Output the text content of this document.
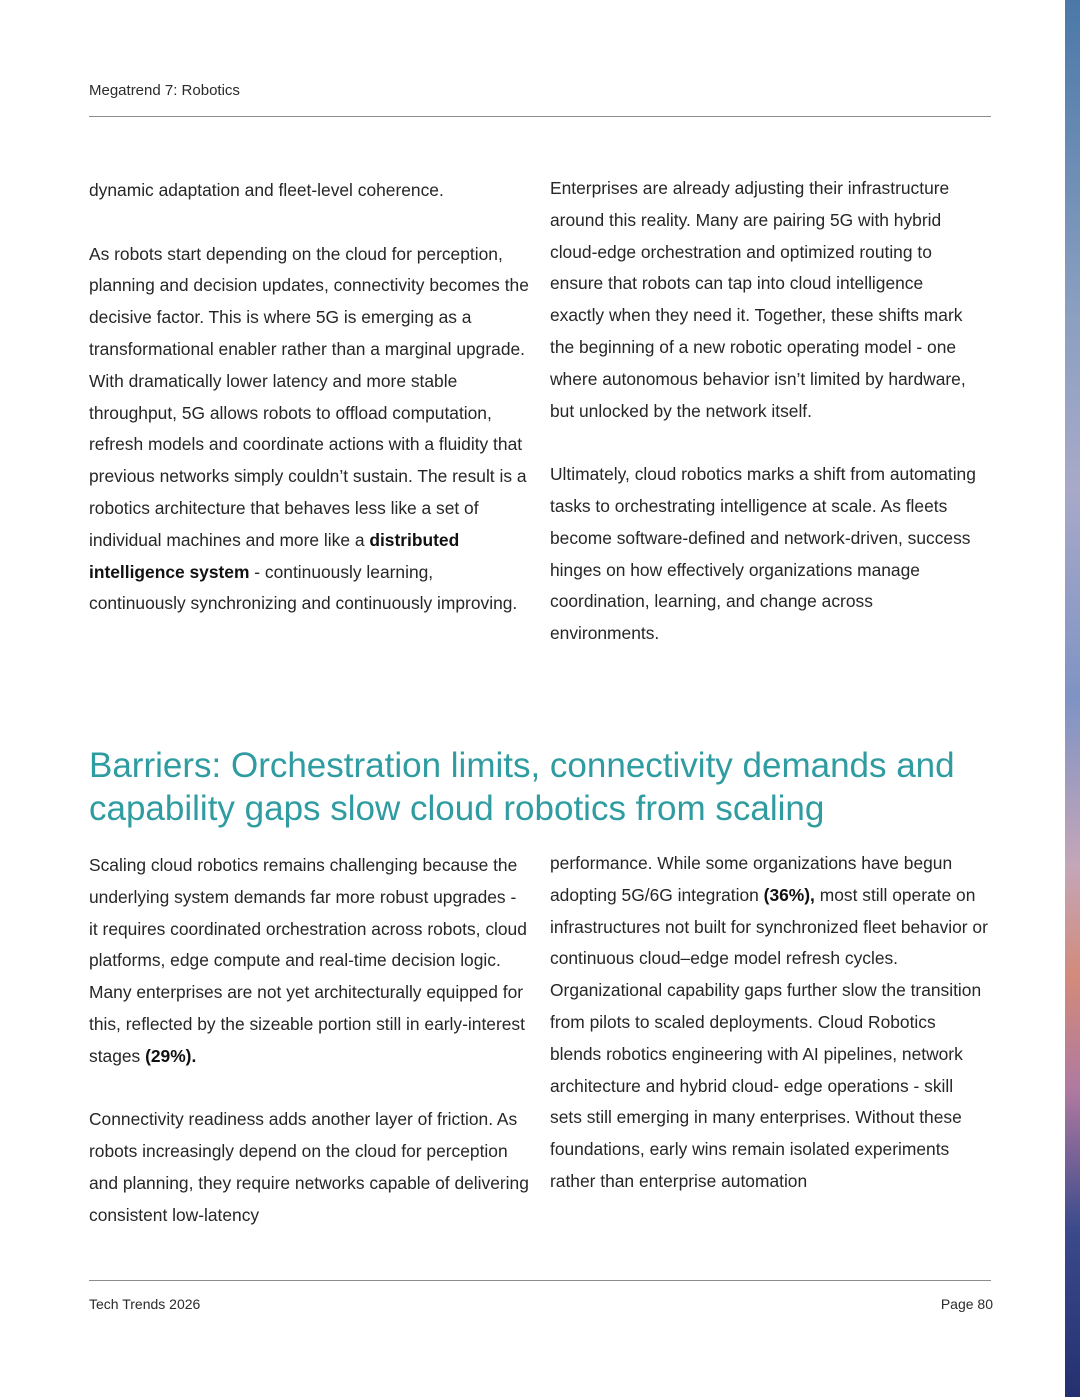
Megatrend 7: Robotics

dynamic adaptation and fleet-level coherence.

As robots start depending on the cloud for perception, planning and decision updates, connectivity becomes the decisive factor. This is where 5G is emerging as a transformational enabler rather than a marginal upgrade. With dramatically lower latency and more stable throughput, 5G allows robots to offload computation, refresh models and coordinate actions with a fluidity that previous networks simply couldn’t sustain. The result is a robotics architecture that behaves less like a set of individual machines and more like a distributed intelligence system - continuously learning, continuously synchronizing and continuously improving.

Enterprises are already adjusting their infrastructure around this reality. Many are pairing 5G with hybrid cloud-edge orchestration and optimized routing to ensure that robots can tap into cloud intelligence exactly when they need it. Together, these shifts mark the beginning of a new robotic operating model - one where autonomous behavior isn’t limited by hardware, but unlocked by the network itself.

Ultimately, cloud robotics marks a shift from automating tasks to orchestrating intelligence at scale. As fleets become software-defined and network-driven, success hinges on how effectively organizations manage coordination, learning, and change across environments.

Barriers: Orchestration limits, connectivity demands and capability gaps slow cloud robotics from scaling

Scaling cloud robotics remains challenging because the underlying system demands far more robust upgrades - it requires coordinated orchestration across robots, cloud platforms, edge compute and real-time decision logic. Many enterprises are not yet architecturally equipped for this, reflected by the sizeable portion still in early-interest stages (29%).

Connectivity readiness adds another layer of friction. As robots increasingly depend on the cloud for perception and planning, they require networks capable of delivering consistent low-latency

performance. While some organizations have begun adopting 5G/6G integration (36%), most still operate on infrastructures not built for synchronized fleet behavior or continuous cloud–edge model refresh cycles. Organizational capability gaps further slow the transition from pilots to scaled deployments. Cloud Robotics blends robotics engineering with AI pipelines, network architecture and hybrid cloud- edge operations - skill sets still emerging in many enterprises. Without these foundations, early wins remain isolated experiments rather than enterprise automation

Tech Trends 2026	Page 80
